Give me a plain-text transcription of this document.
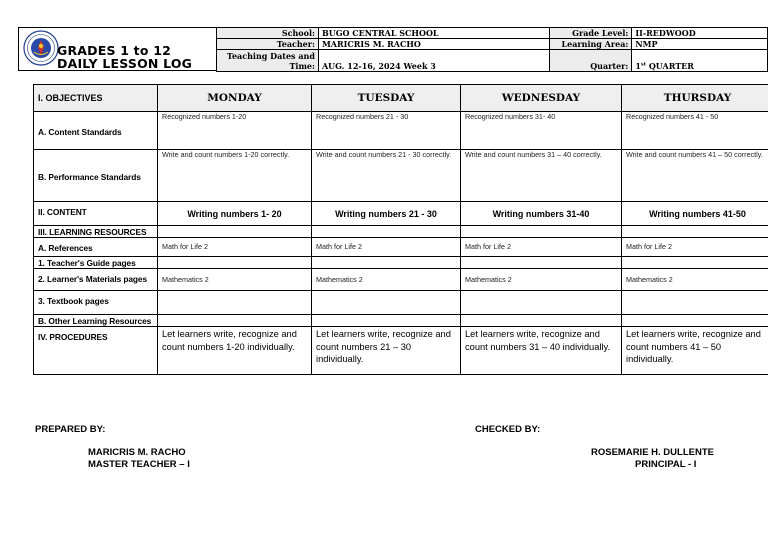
GRADES 1 to 12
DAILY LESSON LOG
School:	BUGO CENTRAL SCHOOL	Grade Level:	II-REDWOOD
Teacher:	MARICRIS M. RACHO	Learning Area:	NMP

Teaching Dates and
Time:	AUG. 12-16, 2024 Week 3	Quarter:	1st QUARTER
I. OBJECTIVES	MONDAY	TUESDAY	WEDNESDAY	THURSDAY
A. Content Standards	Recognized numbers 1-20	Recognized numbers 21 - 30	Recognized numbers 31- 40	Recognized numbers 41 - 50
B. Performance Standards	Write and count numbers 1-20 correctly.	Write and count numbers 21 - 30 correctly.	Write and count numbers 31 – 40 correctly.	Write and count numbers 41 – 50 correctly.
II. CONTENT	Writing numbers 1- 20	Writing numbers 21 - 30	Writing numbers 31-40	Writing numbers 41-50
III. LEARNING RESOURCES				
A. References	Math for Life 2	Math for Life 2	Math for Life 2	Math for Life 2
1. Teacher's Guide pages				
2. Learner's Materials pages	Mathematics 2	Mathematics 2	Mathematics 2	Mathematics 2
3. Textbook pages				
B. Other Learning Resources				
IV. PROCEDURES	Let learners write, recognize and count numbers 1-20 individually.	Let learners write, recognize and count numbers 21 – 30 individually.	Let learners write, recognize and count numbers 31 – 40 individually.	Let learners write, recognize and count numbers 41 – 50 individually.
PREPARED BY:
MARICRIS M. RACHO
MASTER TEACHER – I
CHECKED BY:
ROSEMARIE H. DULLENTE
PRINCIPAL - I
